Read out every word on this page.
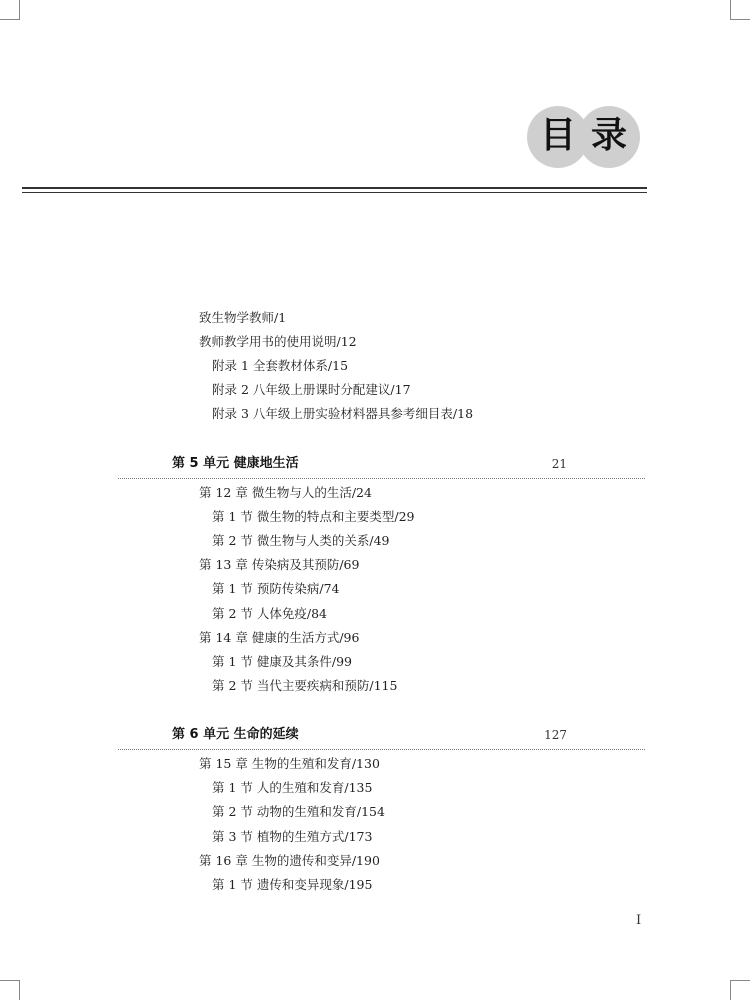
目 录
致生物学教师/1
教师教学用书的使用说明/12
附录 1 全套教材体系/15
附录 2 八年级上册课时分配建议/17
附录 3 八年级上册实验材料器具参考细目表/18
第 5 单元 健康地生活	21
第 12 章 微生物与人的生活/24
第 1 节 微生物的特点和主要类型/29
第 2 节 微生物与人类的关系/49
第 13 章 传染病及其预防/69
第 1 节 预防传染病/74
第 2 节 人体免疫/84
第 14 章 健康的生活方式/96
第 1 节 健康及其条件/99
第 2 节 当代主要疾病和预防/115
第 6 单元 生命的延续	127
第 15 章 生物的生殖和发育/130
第 1 节 人的生殖和发育/135
第 2 节 动物的生殖和发育/154
第 3 节 植物的生殖方式/173
第 16 章 生物的遗传和变异/190
第 1 节 遗传和变异现象/195
I
